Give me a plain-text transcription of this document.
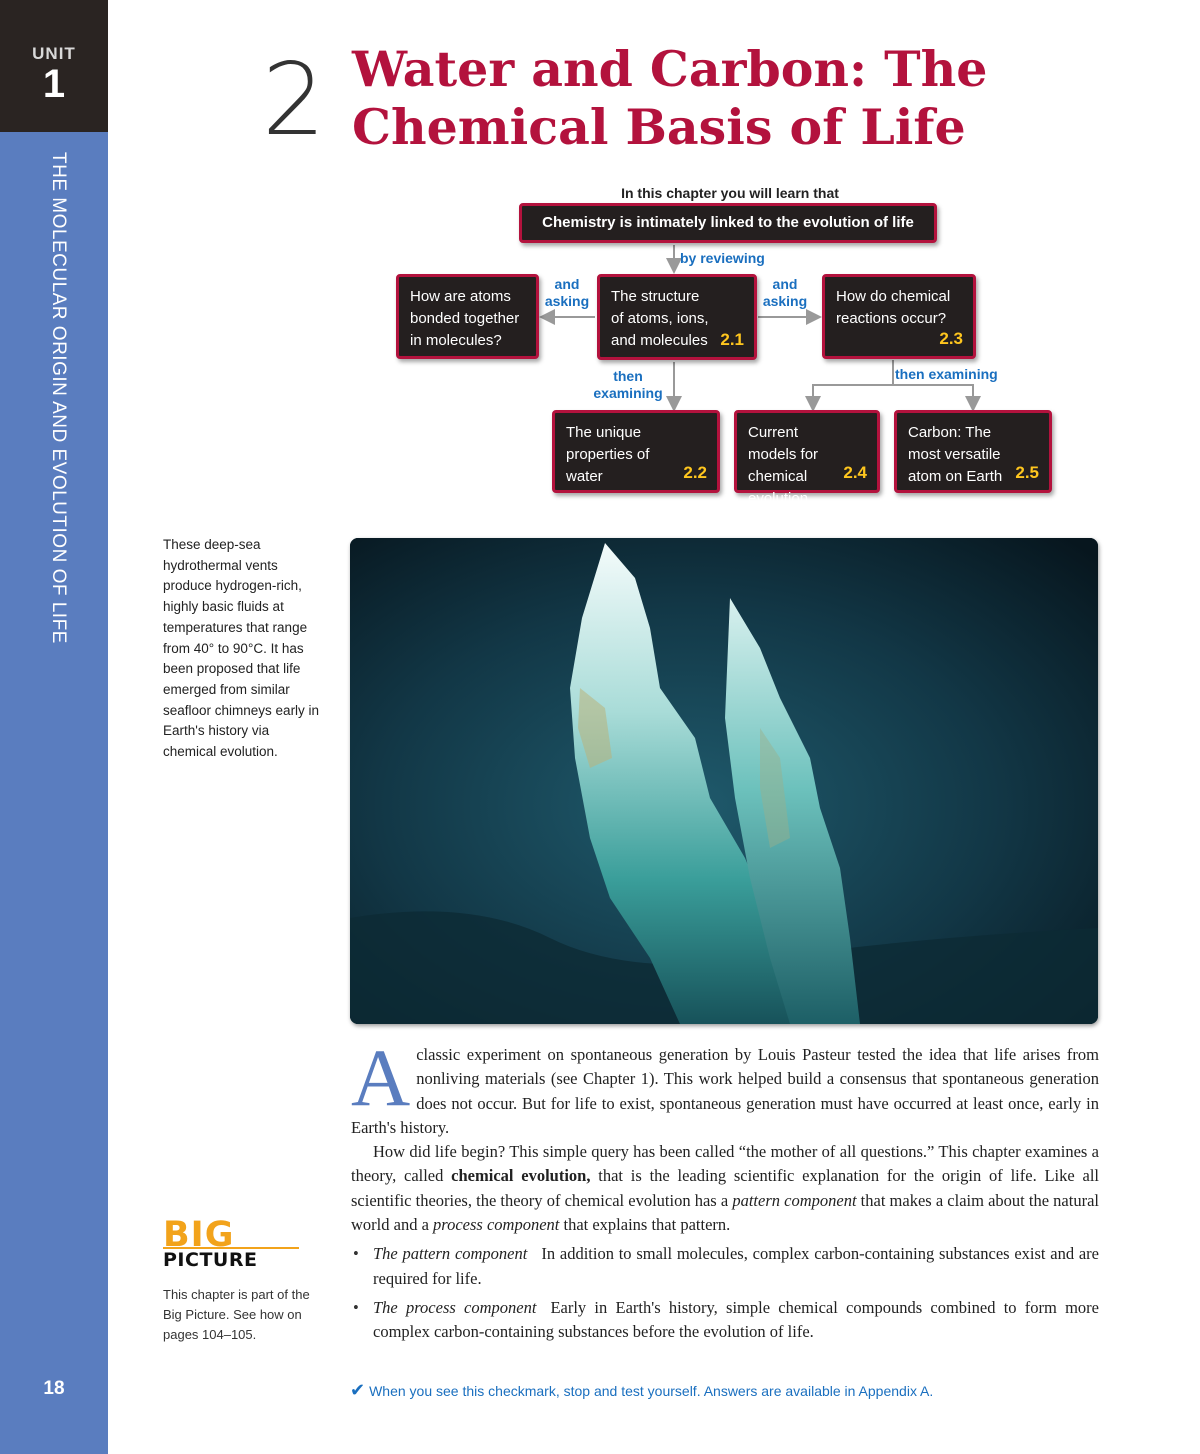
UNIT
1
THE MOLECULAR ORIGIN AND EVOLUTION OF LIFE
18
2 Water and Carbon: The
Chemical Basis of Life
In this chapter you will learn that
Chemistry is intimately linked to the evolution of life
by reviewing
and
asking
and
asking
then
examining
then examining
How are atoms bonded together in molecules?
The structure of atoms, ions, and molecules 2.1
How do chemical reactions occur?
2.3
The unique properties of water	2.2
Current models for chemical evolution
2.4
Carbon: The most versatile atom on Earth 2.5
These deep-sea hydrothermal vents produce hydrogen-rich, highly basic fluids at temperatures that range from 40° to 90°C. It has been proposed that life emerged from similar seafloor chimneys early in Earth's history via chemical evolution.

A classic experiment on spontaneous generation by Louis Pasteur tested the idea that life arises from nonliving materials (see Chapter 1). This work helped build a consensus that spontaneous generation does not occur. But for life to exist, spontaneous generation must have occurred at least once, early in Earth's history.

How did life begin? This simple query has been called “the mother of all questions.” This chapter examines a theory, called chemical evolution, that is the leading scientific explanation for the origin of life. Like all scientific theories, the theory of chemical evolution has a pattern component that makes a claim about the natural world and a process component that explains that pattern.

• The pattern component In addition to small molecules, complex carbon-containing substances exist and are required for life.
• The process component Early in Earth's history, simple chemical compounds combined to form more complex carbon-containing substances before the evolution of life.
BIG
PICTURE
This chapter is part of the Big Picture. See how on pages 104–105.
✔ When you see this checkmark, stop and test yourself. Answers are available in Appendix A.
